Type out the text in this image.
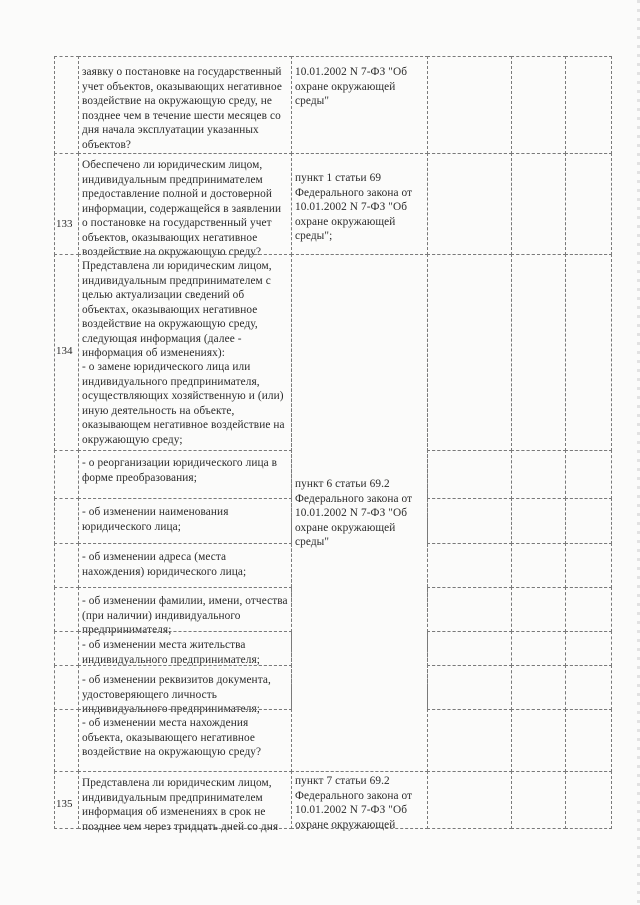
заявку о постановке на государственный учет объектов, оказывающих негативное воздействие на окружающую среду, не позднее чем в течение шести месяцев со дня начала эксплуатации указанных объектов?
10.01.2002 N 7-ФЗ "Об охране окружающей среды"
133
Обеспечено ли юридическим лицом, индивидуальным предпринимателем предоставление полной и достоверной информации, содержащейся в заявлении о постановке на государственный учет объектов, оказывающих негативное воздействие на окружающую среду?
пункт 1 статьи 69 Федерального закона от 10.01.2002 N 7-ФЗ "Об охране окружающей среды";
134
Представлена ли юридическим лицом, индивидуальным предпринимателем с целью актуализации сведений об объектах, оказывающих негативное воздействие на окружающую среду, следующая информация (далее - информация об изменениях):
- о замене юридического лица или индивидуального предпринимателя, осуществляющих хозяйственную и (или) иную деятельность на объекте, оказывающем негативное воздействие на окружающую среду;
пункт 6 статьи 69.2 Федерального закона от 10.01.2002 N 7-ФЗ "Об охране окружающей среды"
- о реорганизации юридического лица в форме преобразования;
- об изменении наименования юридического лица;
- об изменении адреса (места нахождения) юридического лица;
- об изменении фамилии, имени, отчества (при наличии) индивидуального предпринимателя;
- об изменении места жительства индивидуального предпринимателя;
- об изменении реквизитов документа, удостоверяющего личность индивидуального предпринимателя;
- об изменении места нахождения объекта, оказывающего негативное воздействие на окружающую среду?
135
Представлена ли юридическим лицом, индивидуальным предпринимателем информация об изменениях в срок не позднее чем через тридцать дней со дня
пункт 7 статьи 69.2 Федерального закона от 10.01.2002 N 7-ФЗ "Об охране окружающей
